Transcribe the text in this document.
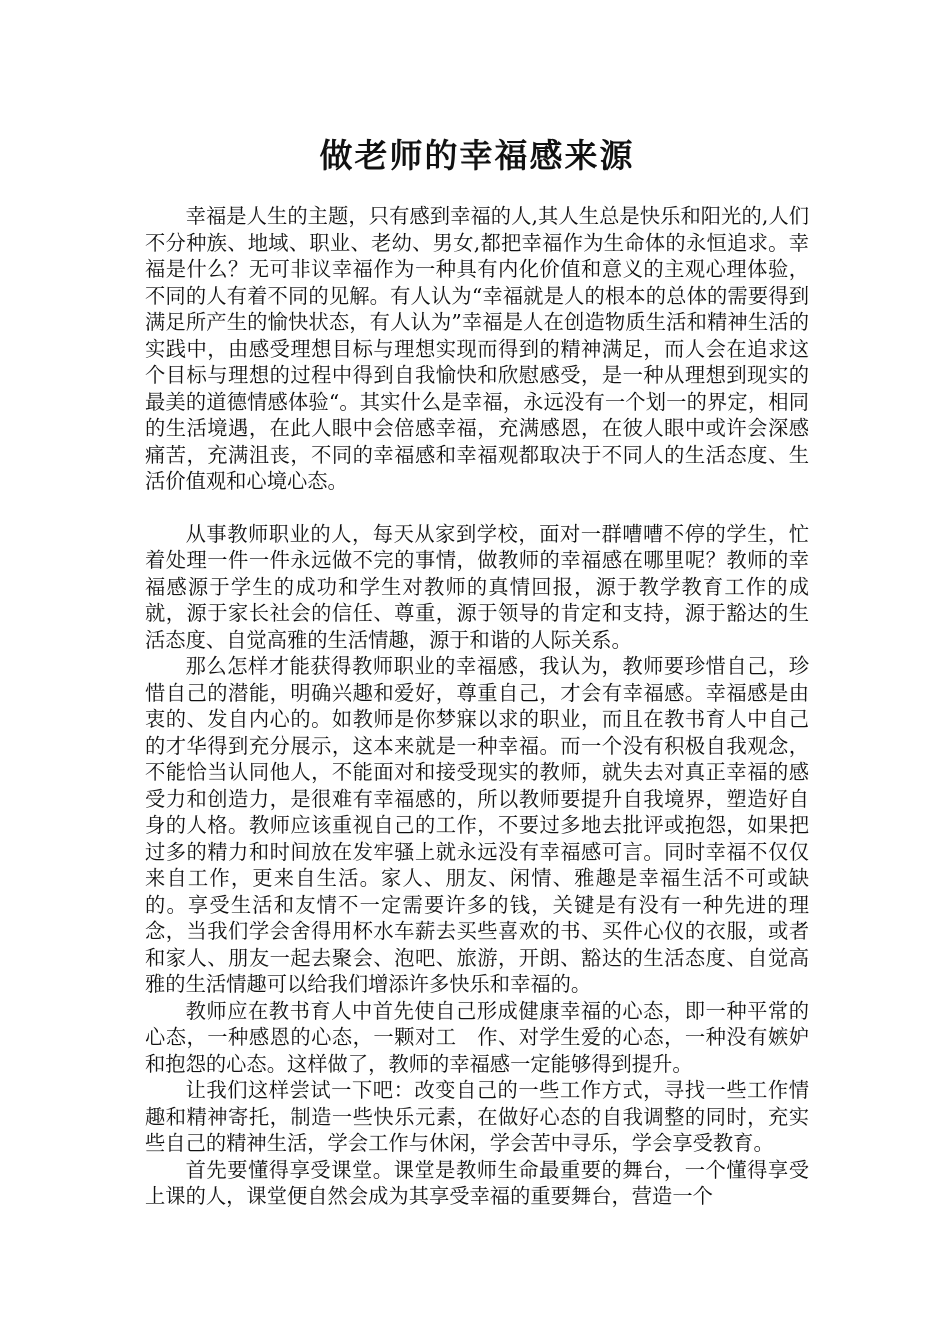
做老师的幸福感来源

幸福是人生的主题，只有感到幸福的人,其人生总是快乐和阳光的,人们不分种族、地域、职业、老幼、男女,都把幸福作为生命体的永恒追求。幸福是什么？无可非议幸福作为一种具有内化价值和意义的主观心理体验，不同的人有着不同的见解。有人认为“幸福就是人的根本的总体的需要得到满足所产生的愉快状态，有人认为”幸福是人在创造物质生活和精神生活的实践中，由感受理想目标与理想实现而得到的精神满足，而人会在追求这个目标与理想的过程中得到自我愉快和欣慰感受，是一种从理想到现实的最美的道德情感体验“。其实什么是幸福，永远没有一个划一的界定，相同的生活境遇，在此人眼中会倍感幸福，充满感恩，在彼人眼中或许会深感痛苦，充满沮丧，不同的幸福感和幸福观都取决于不同人的生活态度、生活价值观和心境心态。

从事教师职业的人，每天从家到学校，面对一群嘈嘈不停的学生，忙着处理一件一件永远做不完的事情，做教师的幸福感在哪里呢？教师的幸福感源于学生的成功和学生对教师的真情回报，源于教学教育工作的成就，源于家长社会的信任、尊重，源于领导的肯定和支持，源于豁达的生活态度、自觉高雅的生活情趣，源于和谐的人际关系。

那么怎样才能获得教师职业的幸福感，我认为，教师要珍惜自己，珍惜自己的潜能，明确兴趣和爱好，尊重自己，才会有幸福感。幸福感是由衷的、发自内心的。如教师是你梦寐以求的职业，而且在教书育人中自己的才华得到充分展示，这本来就是一种幸福。而一个没有积极自我观念，不能恰当认同他人，不能面对和接受现实的教师，就失去对真正幸福的感受力和创造力，是很难有幸福感的，所以教师要提升自我境界，塑造好自身的人格。教师应该重视自己的工作，不要过多地去批评或抱怨，如果把过多的精力和时间放在发牢骚上就永远没有幸福感可言。同时幸福不仅仅来自工作，更来自生活。家人、朋友、闲情、雅趣是幸福生活不可或缺的。享受生活和友情不一定需要许多的钱，关键是有没有一种先进的理念，当我们学会舍得用杯水车薪去买些喜欢的书、买件心仪的衣服，或者和家人、朋友一起去聚会、泡吧、旅游，开朗、豁达的生活态度、自觉高雅的生活情趣可以给我们增添许多快乐和幸福的。

教师应在教书育人中首先使自己形成健康幸福的心态，即一种平常的心态，一种感恩的心态，一颗对工　作、对学生爱的心态，一种没有嫉妒和抱怨的心态。这样做了，教师的幸福感一定能够得到提升。

让我们这样尝试一下吧：改变自己的一些工作方式，寻找一些工作情趣和精神寄托，制造一些快乐元素，在做好心态的自我调整的同时，充实些自己的精神生活，学会工作与休闲，学会苦中寻乐，学会享受教育。

首先要懂得享受课堂。课堂是教师生命最重要的舞台，一个懂得享受上课的人，课堂便自然会成为其享受幸福的重要舞台，营造一个
